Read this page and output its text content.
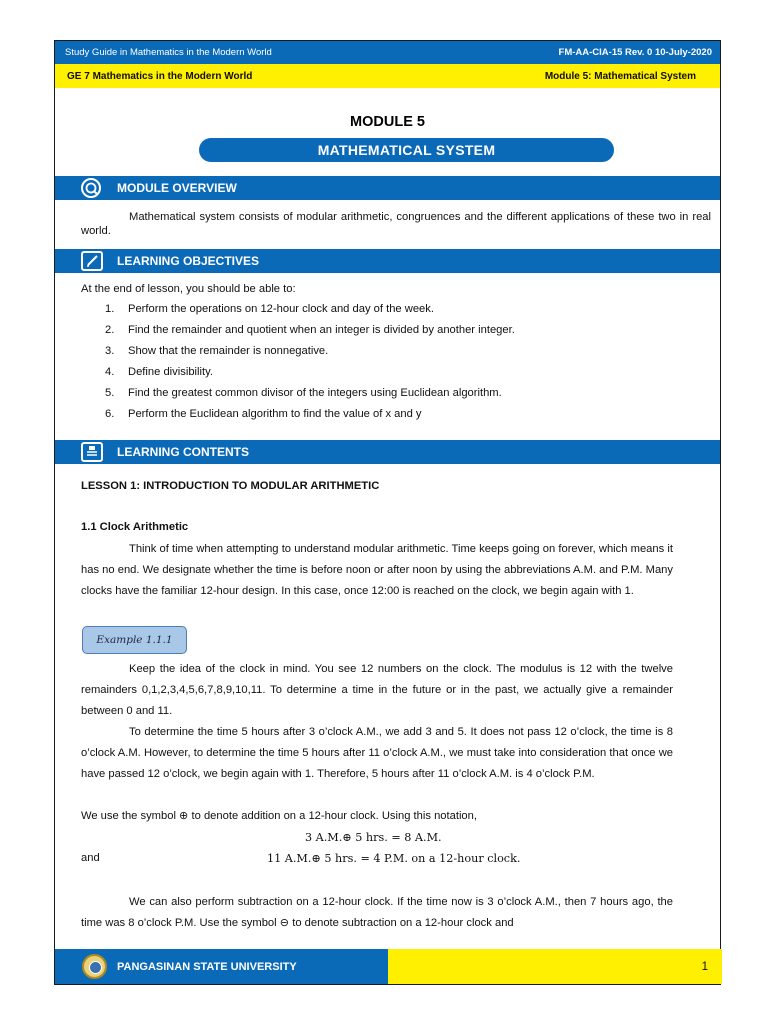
Study Guide in Mathematics in the Modern World	FM-AA-CIA-15 Rev. 0 10-July-2020
GE 7 Mathematics in the Modern World	Module 5: Mathematical System
MODULE 5
MATHEMATICAL SYSTEM
MODULE OVERVIEW

Mathematical system consists of modular arithmetic, congruences and the different applications of these two in real world.

LEARNING OBJECTIVES
At the end of lesson, you should be able to:
1.	Perform the operations on 12-hour clock and day of the week.
2.	Find the remainder and quotient when an integer is divided by another integer.
3.	Show that the remainder is nonnegative.
4.	Define divisibility.
5.	Find the greatest common divisor of the integers using Euclidean algorithm.
6.	Perform the Euclidean algorithm to find the value of x and y
LEARNING CONTENTS
LESSON 1: INTRODUCTION TO MODULAR ARITHMETIC
1.1 Clock Arithmetic

Think of time when attempting to understand modular arithmetic. Time keeps going on forever, which means it has no end. We designate whether the time is before noon or after noon by using the abbreviations A.M. and P.M. Many clocks have the familiar 12-hour design. In this case, once 12:00 is reached on the clock, we begin again with 1.

Example 1.1.1

Keep the idea of the clock in mind. You see 12 numbers on the clock. The modulus is 12 with the twelve remainders 0,1,2,3,4,5,6,7,8,9,10,11. To determine a time in the future or in the past, we actually give a remainder between 0 and 11.

To determine the time 5 hours after 3 o’clock A.M., we add 3 and 5. It does not pass 12 o’clock, the time is 8 o’clock A.M. However, to determine the time 5 hours after 11 o’clock A.M., we must take into consideration that once we have passed 12 o’clock, we begin again with 1. Therefore, 5 hours after 11 o’clock A.M. is 4 o’clock P.M.

We use the symbol ⊕ to denote addition on a 12-hour clock. Using this notation,
3 A.M.⊕ 5 hrs. = 8 A.M.
and	11 A.M.⊕ 5 hrs. = 4 P.M. on a 12-hour clock.

We can also perform subtraction on a 12-hour clock. If the time now is 3 o’clock A.M., then 7 hours ago, the time was 8 o’clock P.M. Use the symbol ⊖ to denote subtraction on a 12-hour clock and

PANGASINAN STATE UNIVERSITY	1
